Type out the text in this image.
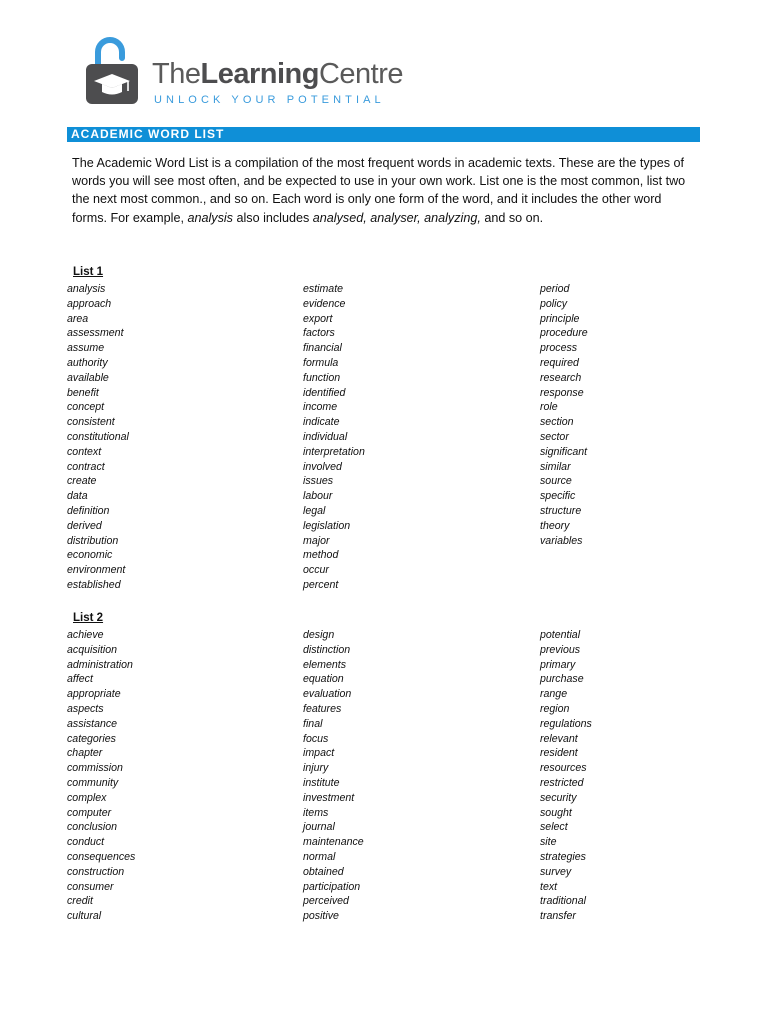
TheLearningCentre
UNLOCK YOUR POTENTIAL
ACADEMIC WORD LIST
The Academic Word List is a compilation of the most frequent words in academic texts. These are the types of words you will see most often, and be expected to use in your own work. List one is the most common, list two the next most common., and so on. Each word is only one form of the word, and it includes the other word forms. For example, analysis also includes analysed, analyser, analyzing, and so on.
List 1
analysis
approach
area
assessment
assume
authority
available
benefit
concept
consistent
constitutional
context
contract
create
data
definition
derived
distribution
economic
environment
established
estimate
evidence
export
factors
financial
formula
function
identified
income
indicate
individual
interpretation
involved
issues
labour
legal
legislation
major
method
occur
percent
period
policy
principle
procedure
process
required
research
response
role
section
sector
significant
similar
source
specific
structure
theory
variables
List 2
achieve
acquisition
administration
affect
appropriate
aspects
assistance
categories
chapter
commission
community
complex
computer
conclusion
conduct
consequences
construction
consumer
credit
cultural
design
distinction
elements
equation
evaluation
features
final
focus
impact
injury
institute
investment
items
journal
maintenance
normal
obtained
participation
perceived
positive
potential
previous
primary
purchase
range
region
regulations
relevant
resident
resources
restricted
security
sought
select
site
strategies
survey
text
traditional
transfer
